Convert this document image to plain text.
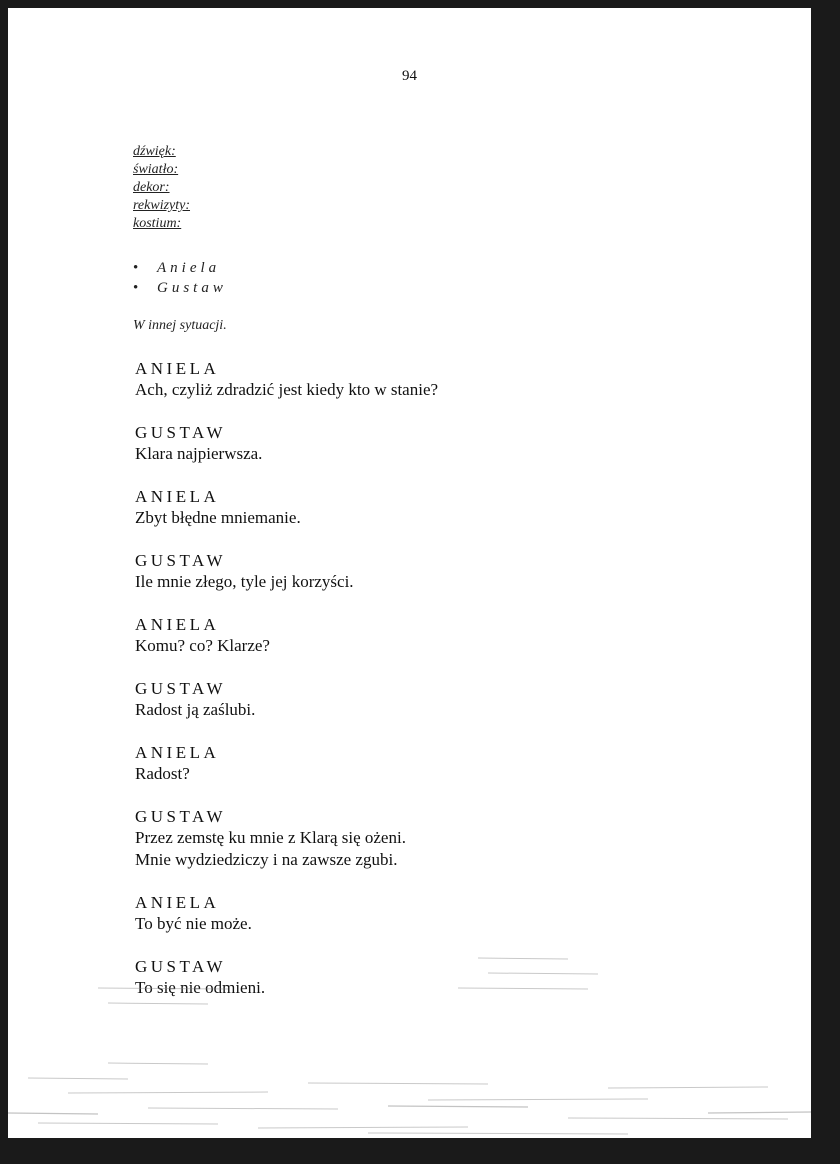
94
dźwięk:
światło:
dekor:
rekwizyty:
kostium:
• Aniela
• Gustaw
W innej sytuacji.
ANIELA
Ach, czyliż zdradzić jest kiedy kto w stanie?
GUSTAW
Klara najpierwsza.
ANIELA
Zbyt błędne mniemanie.
GUSTAW
Ile mnie złego, tyle jej korzyści.
ANIELA
Komu? co? Klarze?
GUSTAW
Radost ją zaślubi.
ANIELA
Radost?
GUSTAW
Przez zemstę ku mnie z Klarą się ożeni.
Mnie wydziedziczy i na zawsze zgubi.
ANIELA
To być nie może.
GUSTAW
To się nie odmieni.
